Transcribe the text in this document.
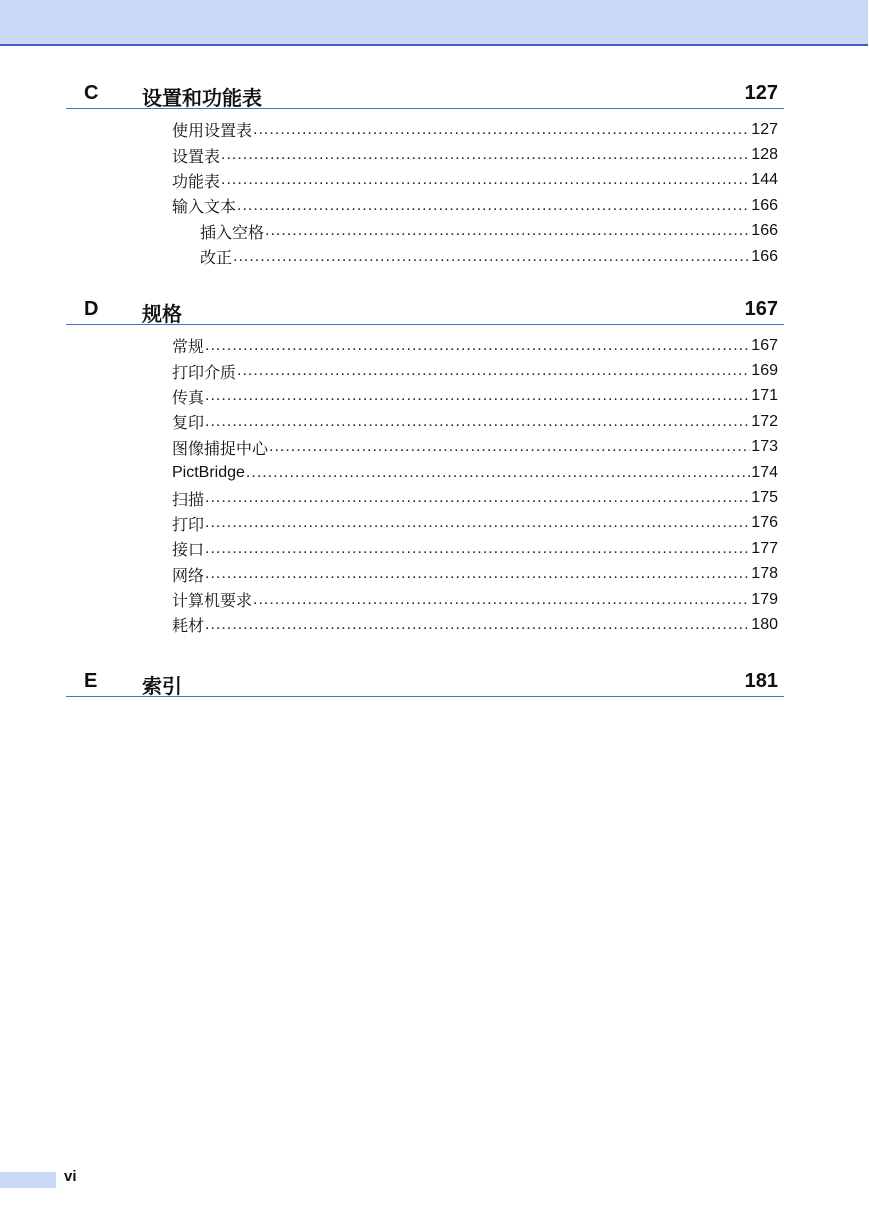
C 设置和功能表	127
使用设置表 .....	127
设置表 .....	128
功能表 .....	144
输入文本 .....	166
插入空格 .....	166
改正 .....	166
D 规格	167
常规 .....	167
打印介质 .....	169
传真 .....	171
复印 .....	172
图像捕捉中心 .....	173
PictBridge .....	174
扫描 .....	175
打印 .....	176
接口 .....	177
网络 .....	178
计算机要求 .....	179
耗材 .....	180
E 索引	181
vi
